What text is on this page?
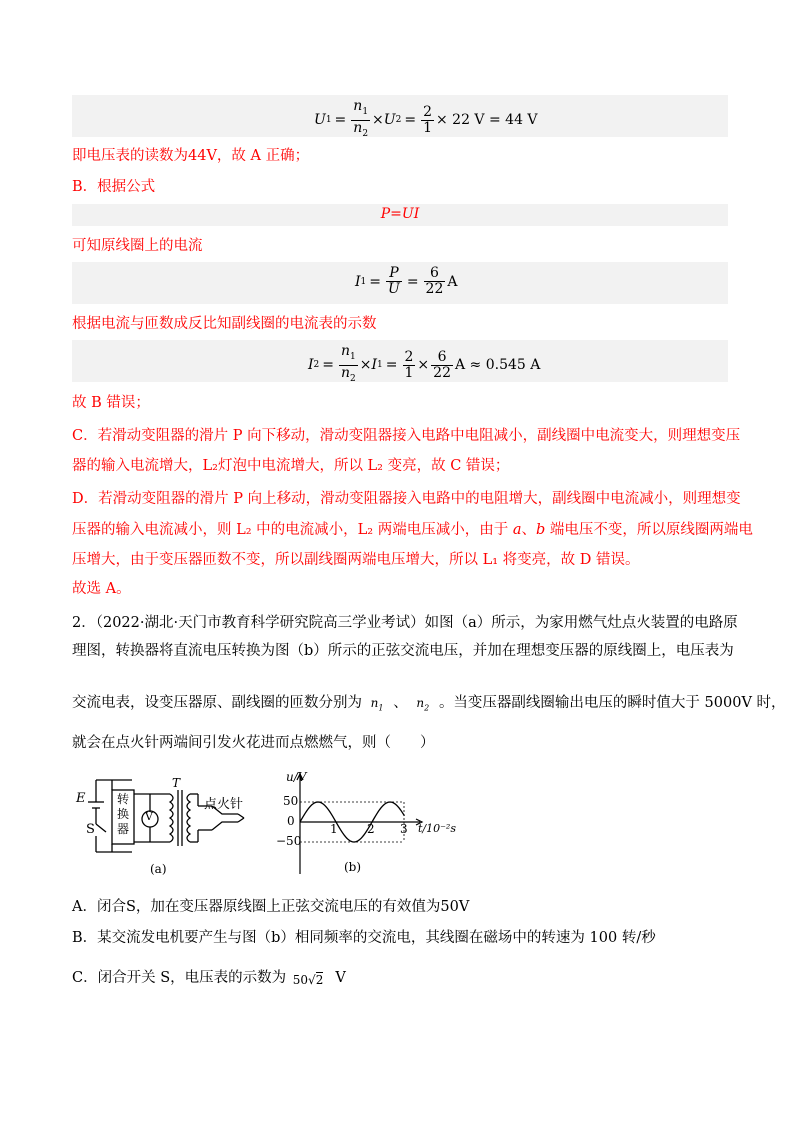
U $1 = \frac{n_1}{n_2} \times U$ $2 = \frac{2}{1} \times 22$ V = 44 V
即电压表的读数为44V，故 A 正确；
B．根据公式
P=UI
可知原线圈上的电流
I $1 = \frac{P}{U} = \frac{6}{22}$ A
根据电流与匝数成反比知副线圈的电流表的示数
I $2 = \frac{n_1}{n_2} \times I$ $1 = \frac{2}{1} \times \frac{6}{22}$ A ≈ 0.545 A
故 B 错误；
C．若滑动变阻器的滑片 P 向下移动，滑动变阻器接入电路中电阻减小，副线圈中电流变大，则理想变压
器的输入电流增大，L₂灯泡中电流增大，所以 L₂ 变亮，故 C 错误；
D．若滑动变阻器的滑片 P 向上移动，滑动变阻器接入电路中的电阻增大，副线圈中电流减小，则理想变
压器的输入电流减小，则 L₂ 中的电流减小，L₂ 两端电压减小，由于 a、b 端电压不变，所以原线圈两端电
压增大，由于变压器匝数不变，所以副线圈两端电压增大，所以 L₁ 将变亮，故 D 错误。
故选 A。
2．（2022·湖北·天门市教育科学研究院高三学业考试）如图（a）所示，为家用燃气灶点火装置的电路原
理图，转换器将直流电压转换为图（b）所示的正弦交流电压，并加在理想变压器的原线圈上，电压表为
交流电表，设变压器原、副线圈的匝数分别为 $n_1$ 、 $n_2$ 。当变压器副线圈输出电压的瞬时值大于 5000V 时，
就会在点火针两端间引发火花进而点燃燃气，则（　　）
E
S
转换器
V
T
点火针
(a)
u/V
50
0
−50
1 2 3 t/10⁻²s
(b)
A．闭合S，加在变压器原线圈上正弦交流电压的有效值为50V
B．某交流发电机要产生与图（b）相同频率的交流电，其线圈在磁场中的转速为 100 转/秒
C．闭合开关 S，电压表的示数为 50√2 V
